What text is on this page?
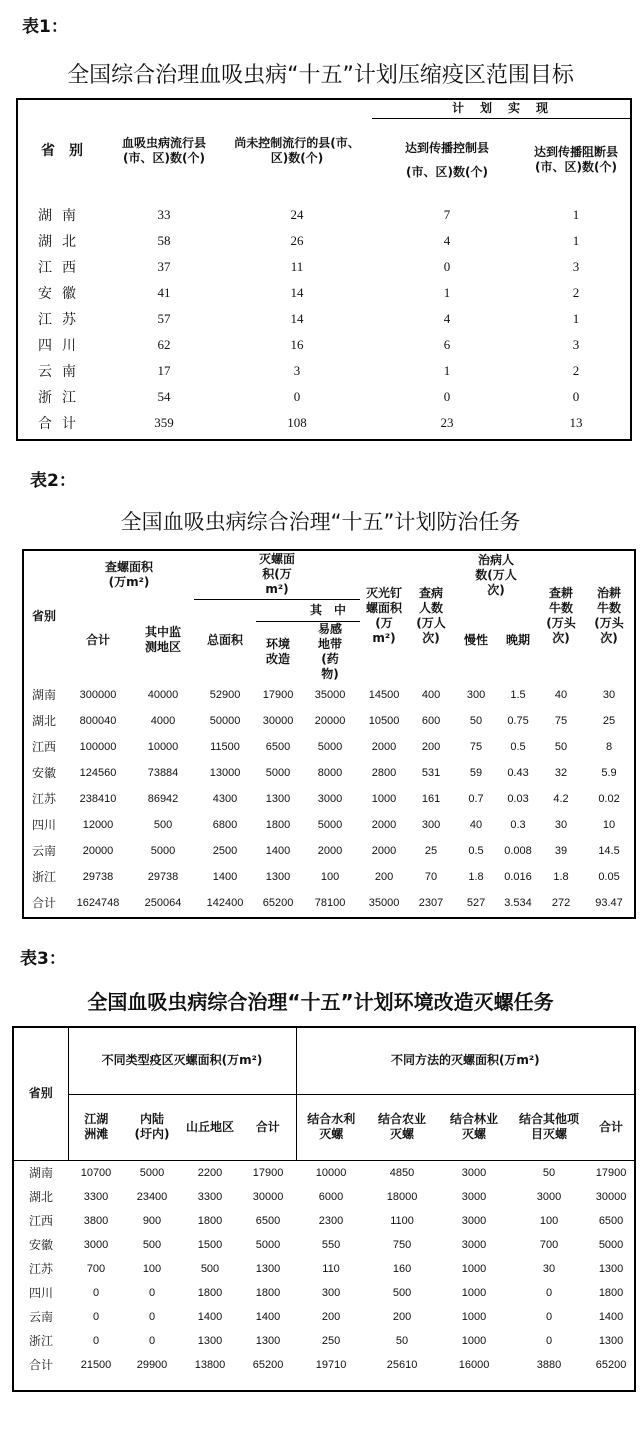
表1：
全国综合治理血吸虫病“十五”计划压缩疫区范围目标
省　别	血吸虫病流行县(市、区)数(个)	尚未控制流行的县(市、区)数(个)	计　划　实　现	
			达到传播控制县(市、区)数(个)	达到传播阻断县(市、区)数(个)
湖南	33	24	7	1
湖北	58	26	4	1
江西	37	11	0	3
安徽	41	14	1	2
江苏	57	14	4	1
四川	62	16	6	3
云南	17	3	1	2
浙江	54	0	0	0
合计	359	108	23	13
表2：
全国血吸虫病综合治理“十五”计划防治任务
省别	查螺面积(万m²)		灭螺面积(万m²)			灭光钉螺面积(万m²)	查病人数(万人次)	治病人数(万人次)		查耕牛数(万头次)	治耕牛数(万头次)
	合计	其中监测地区	总面积	其　中				慢性	晚期		
				环境改造	易感地带(药物)						
湖南	300000	40000	52900	17900	35000	14500	400	300	1.5	40	30
湖北	800040	4000	50000	30000	20000	10500	600	50	0.75	75	25
江西	100000	10000	11500	6500	5000	2000	200	75	0.5	50	8
安徽	124560	73884	13000	5000	8000	2800	531	59	0.43	32	5.9
江苏	238410	86942	4300	1300	3000	1000	161	0.7	0.03	4.2	0.02
四川	12000	500	6800	1800	5000	2000	300	40	0.3	30	10
云南	20000	5000	2500	1400	2000	2000	25	0.5	0.008	39	14.5
浙江	29738	29738	1400	1300	100	200	70	1.8	0.016	1.8	0.05
合计	1624748	250064	142400	65200	78100	35000	2307	527	3.534	272	93.47
表3：
全国血吸虫病综合治理“十五”计划环境改造灭螺任务
省别	不同类型疫区灭螺面积(万m²)				不同方法的灭螺面积(万m²)				
	江湖洲滩	内陆(圩内)	山丘地区	合计	结合水利灭螺	结合农业灭螺	结合林业灭螺	结合其他项目灭螺	合计
湖南	10700	5000	2200	17900	10000	4850	3000	50	17900
湖北	3300	23400	3300	30000	6000	18000	3000	3000	30000
江西	3800	900	1800	6500	2300	1100	3000	100	6500
安徽	3000	500	1500	5000	550	750	3000	700	5000
江苏	700	100	500	1300	110	160	1000	30	1300
四川	0	0	1800	1800	300	500	1000	0	1800
云南	0	0	1400	1400	200	200	1000	0	1400
浙江	0	0	1300	1300	250	50	1000	0	1300
合计	21500	29900	13800	65200	19710	25610	16000	3880	65200
